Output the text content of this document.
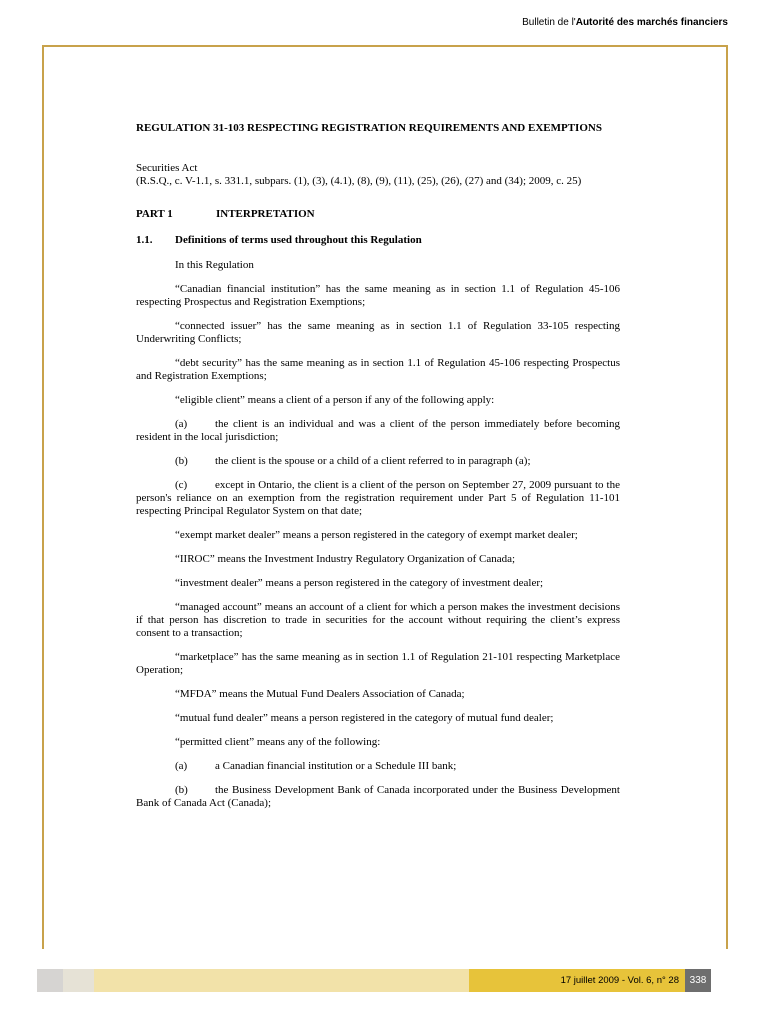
Bulletin de l'Autorité des marchés financiers

REGULATION 31-103 RESPECTING REGISTRATION REQUIREMENTS AND EXEMPTIONS

Securities Act

(R.S.Q., c. V-1.1, s. 331.1, subpars. (1), (3), (4.1), (8), (9), (11), (25), (26), (27) and (34); 2009, c. 25)

PART 1	INTERPRETATION

1.1.	Definitions of terms used throughout this Regulation

In this Regulation

“Canadian financial institution” has the same meaning as in section 1.1 of Regulation 45-106 respecting Prospectus and Registration Exemptions;

“connected issuer” has the same meaning as in section 1.1 of Regulation 33-105 respecting Underwriting Conflicts;

“debt security” has the same meaning as in section 1.1 of Regulation 45-106 respecting Prospectus and Registration Exemptions;

“eligible client” means a client of a person if any of the following apply:

(a)	the client is an individual and was a client of the person immediately before becoming resident in the local jurisdiction;

(b) the client is the spouse or a child of a client referred to in paragraph (a);

(c)	except in Ontario, the client is a client of the person on September 27, 2009 pursuant to the person's reliance on an exemption from the registration requirement under Part 5 of Regulation 11-101 respecting Principal Regulator System on that date;

“exempt market dealer” means a person registered in the category of exempt market dealer;

“IIROC” means the Investment Industry Regulatory Organization of Canada;

“investment dealer” means a person registered in the category of investment dealer;

“managed account” means an account of a client for which a person makes the investment decisions if that person has discretion to trade in securities for the account without requiring the client’s express consent to a transaction;

“marketplace” has the same meaning as in section 1.1 of Regulation 21-101 respecting Marketplace Operation;

“MFDA” means the Mutual Fund Dealers Association of Canada;

“mutual fund dealer” means a person registered in the category of mutual fund dealer;

“permitted client” means any of the following:

(a)	a Canadian financial institution or a Schedule III bank;

(b) the Business Development Bank of Canada incorporated under the Business Development Bank of Canada Act (Canada);

17 juillet 2009 - Vol. 6, n° 28	338
